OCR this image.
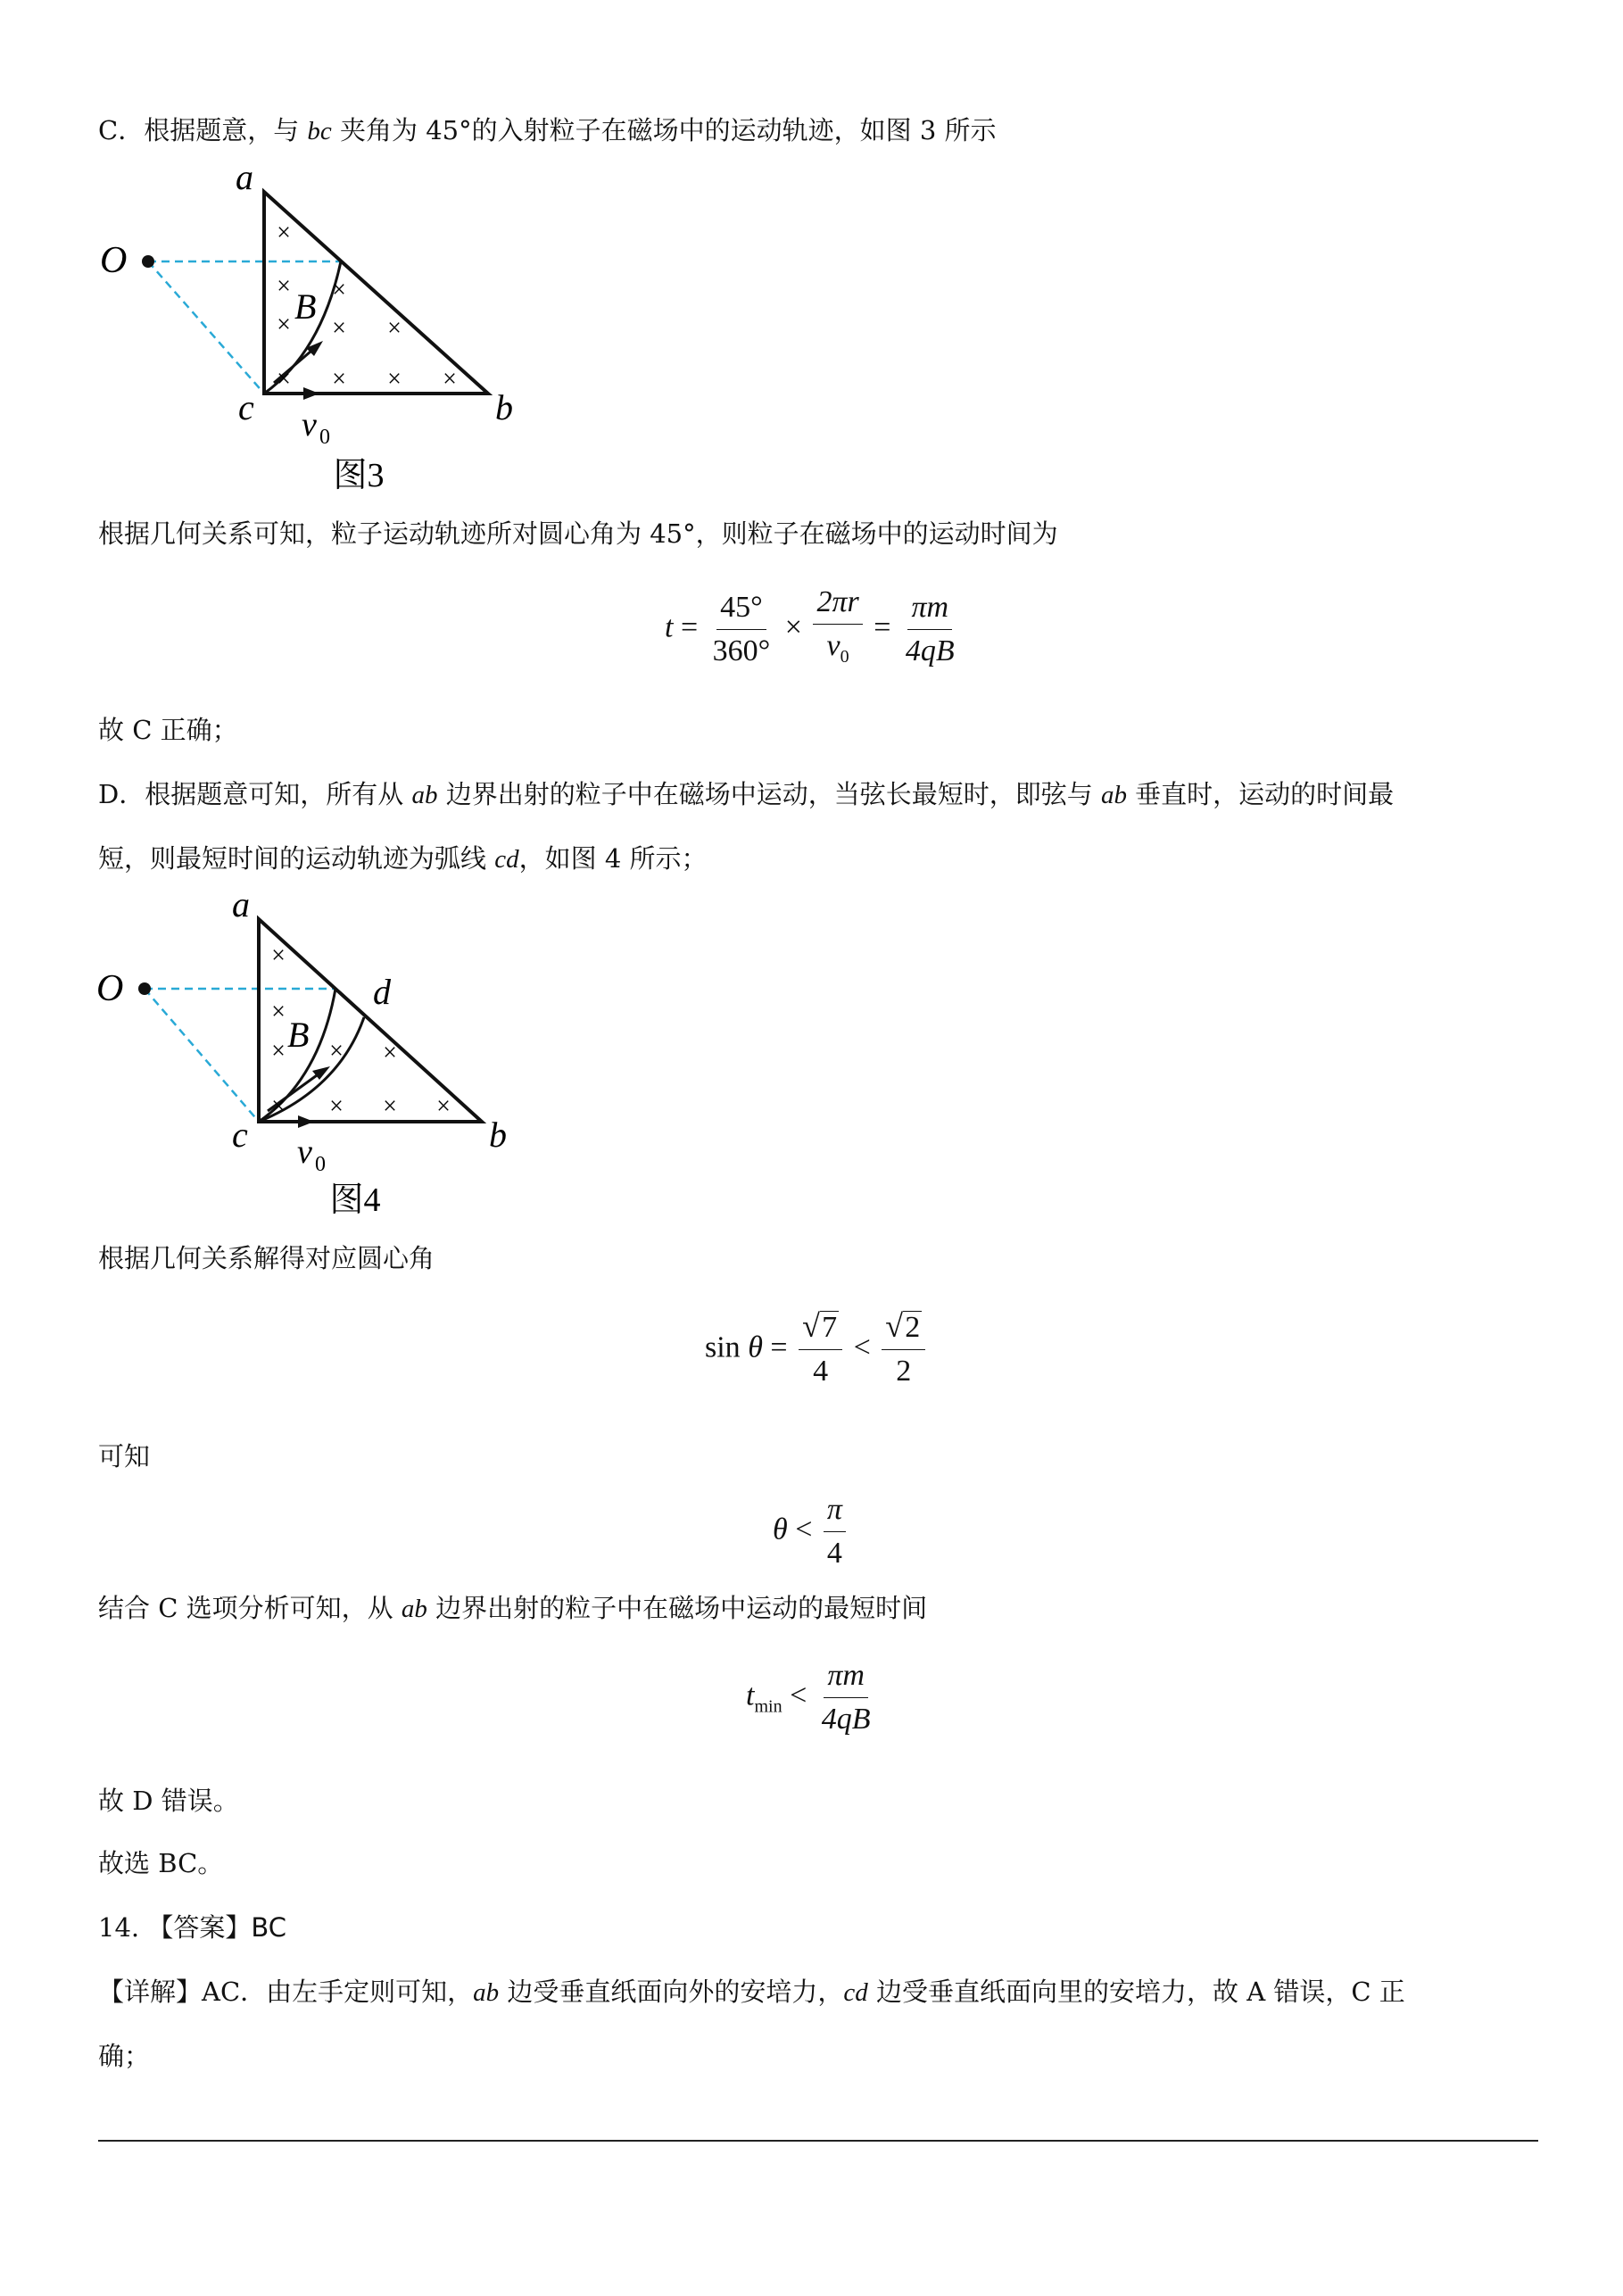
C．根据题意，与 bc 夹角为 45°的入射粒子在磁场中的运动轨迹，如图 3 所示
×
×
×
×
× ×
× × × ×
a
O
B
c	b
v 0
图3
根据几何关系可知，粒子运动轨迹所对圆心角为 45°，则粒子在磁场中的运动时间为
$t = \frac{45^\circ}{360^\circ} \times \frac{2\pi r}{v_0} = \frac{\pi m}{4qB}$
故 C 正确；
D．根据题意可知，所有从 ab 边界出射的粒子中在磁场中运动，当弦长最短时，即弦与 ab 垂直时，运动的时间最
短，则最短时间的运动轨迹为弧线 cd，如图 4 所示；
×
×
× × ×
× × × ×
a
O
B
d
c	b
v 0
图4
根据几何关系解得对应圆心角
$\sin \theta = \frac{√ 7}{4} < \frac{√ 2}{2}$
可知
$\theta < \frac{\pi}{4}$
结合 C 选项分析可知，从 ab 边界出射的粒子中在磁场中运动的最短时间
$t_{min} < \frac{\pi m}{4qB}$
故 D 错误。
故选 BC。
14. 【答案】BC
【详解】AC．由左手定则可知，ab 边受垂直纸面向外的安培力，cd 边受垂直纸面向里的安培力，故 A 错误，C 正
确；
